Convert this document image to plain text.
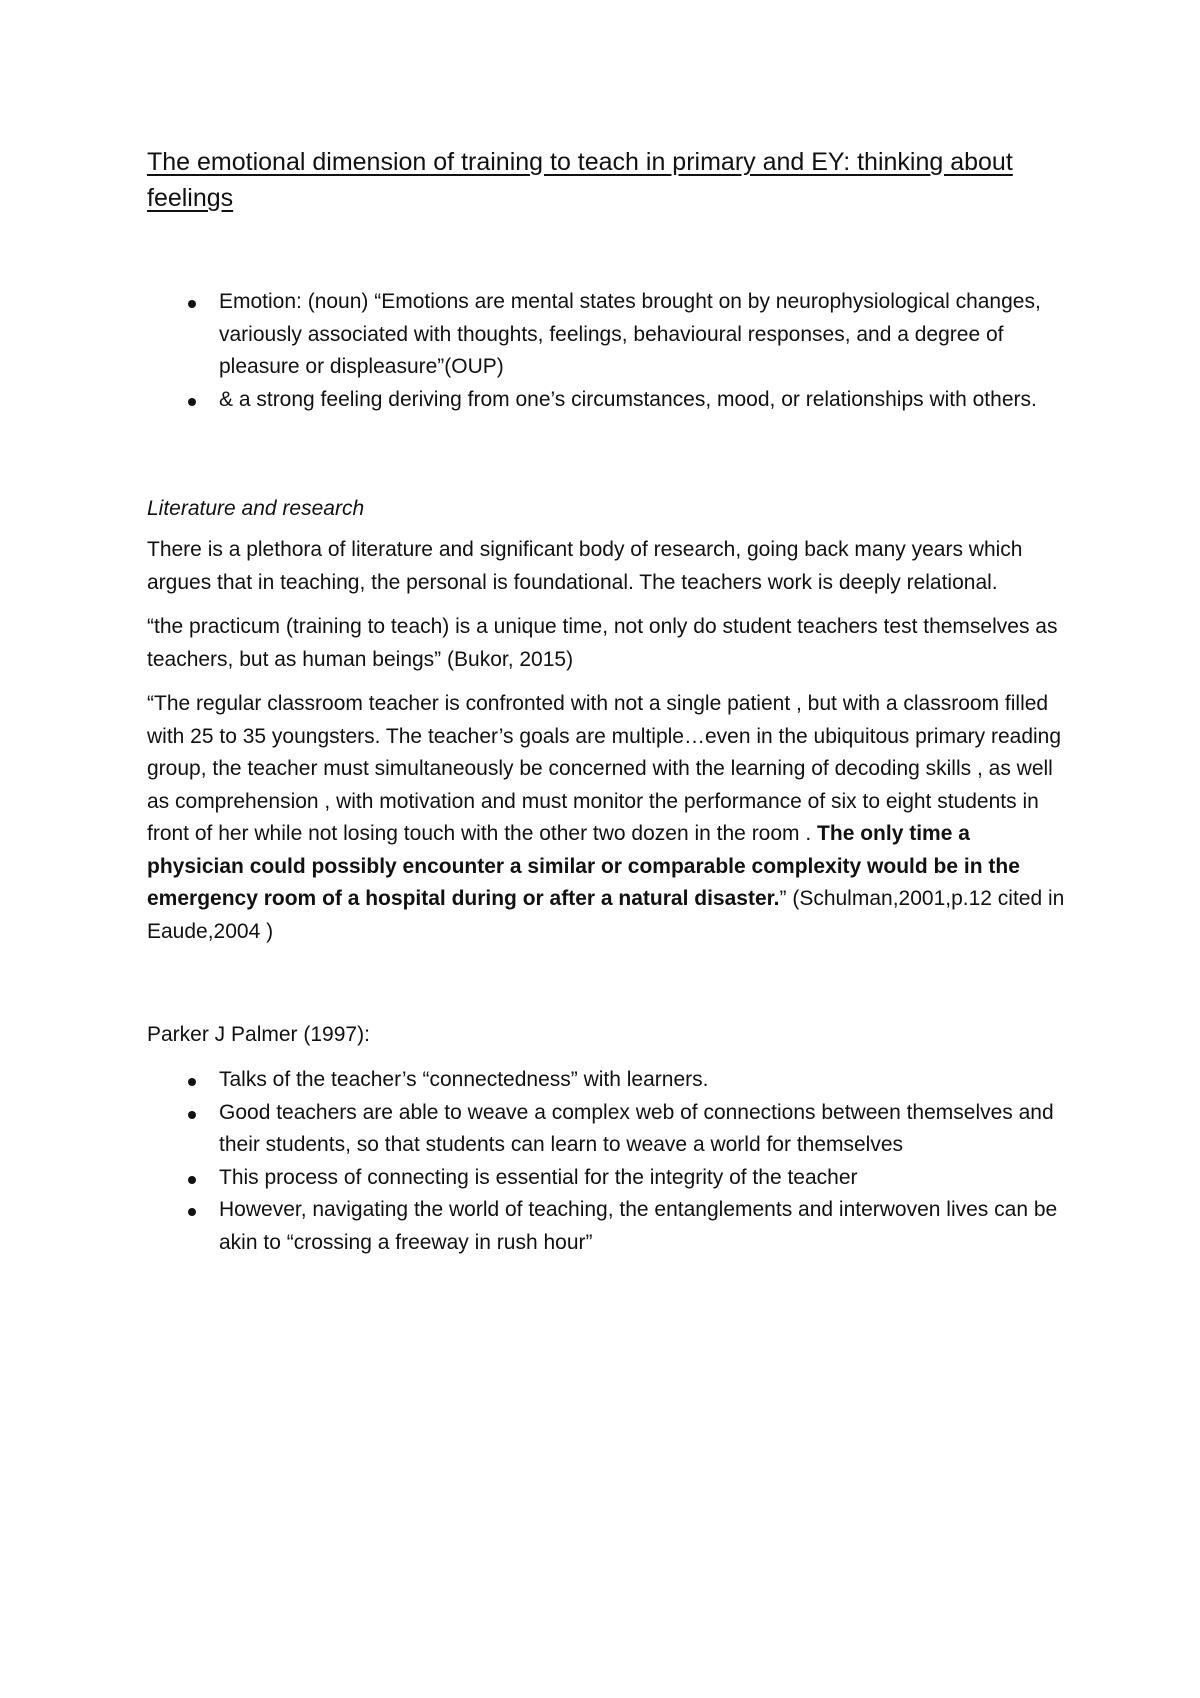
The emotional dimension of training to teach in primary and EY: thinking about feelings
Emotion: (noun) “Emotions are mental states brought on by neurophysiological changes, variously associated with thoughts, feelings, behavioural responses, and a degree of pleasure or displeasure”(OUP)
& a strong feeling deriving from one’s circumstances, mood, or relationships with others.

Literature and research

There is a plethora of literature and significant body of research, going back many years which argues that in teaching, the personal is foundational. The teachers work is deeply relational.

“the practicum (training to teach) is a unique time, not only do student teachers test themselves as teachers, but as human beings” (Bukor, 2015)

“The regular classroom teacher is confronted with not a single patient , but with a classroom filled with 25 to 35 youngsters. The teacher’s goals are multiple…even in the ubiquitous primary reading group, the teacher must simultaneously be concerned with the learning of decoding skills , as well as comprehension , with motivation and must monitor the performance of six to eight students in front of her while not losing touch with the other two dozen in the room . The only time a physician could possibly encounter a similar or comparable complexity would be in the emergency room of a hospital during or after a natural disaster.” (Schulman,2001,p.12 cited in Eaude,2004 )

Parker J Palmer (1997):

Talks of the teacher’s “connectedness” with learners.
Good teachers are able to weave a complex web of connections between themselves and their students, so that students can learn to weave a world for themselves
This process of connecting is essential for the integrity of the teacher
However, navigating the world of teaching, the entanglements and interwoven lives can be akin to “crossing a freeway in rush hour”
